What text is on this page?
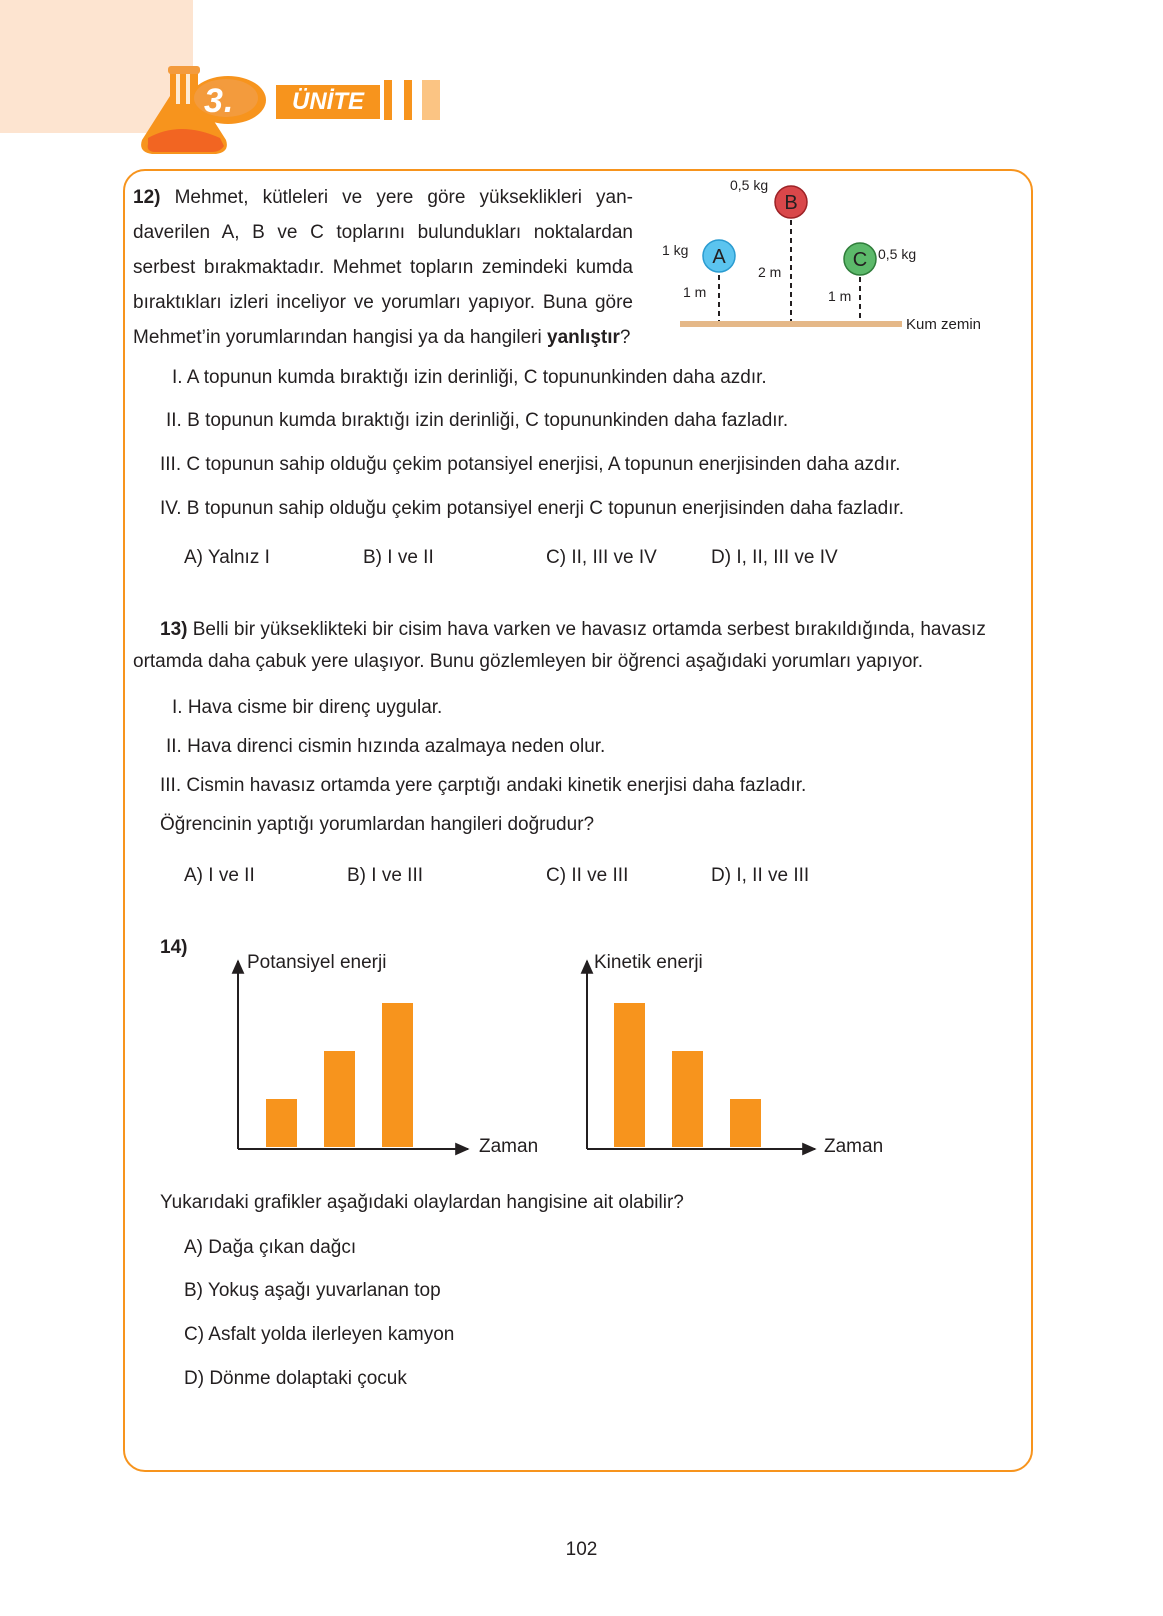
3.	ÜNİTE
12) Mehmet, kütleleri ve yere göre yükseklikleri yan-
daverilen A, B ve C toplarını bulundukları noktalardan
serbest bırakmaktadır. Mehmet topların zemindeki kumda
bıraktıkları izleri inceliyor ve yorumları yapıyor. Buna göre
Mehmet’in yorumlarından hangisi ya da hangileri yanlıştır?
A
B
C
1 kg
0,5 kg
0,5 kg
1 m
2 m
1 m
Kum zemin
I. A topunun kumda bıraktığı izin derinliği, C topununkinden daha azdır.
II. B topunun kumda bıraktığı izin derinliği, C topununkinden daha fazladır.
III. C topunun sahip olduğu çekim potansiyel enerjisi, A topunun enerjisinden daha azdır.
IV. B topunun sahip olduğu çekim potansiyel enerji C topunun enerjisinden daha fazladır.
A) Yalnız I	B) I ve II	C) II, III ve IV	D) I, II, III ve IV
13) Belli bir yükseklikteki bir cisim hava varken ve havasız ortamda serbest bırakıldığında, havasız
ortamda daha çabuk yere ulaşıyor. Bunu gözlemleyen bir öğrenci aşağıdaki yorumları yapıyor.
I. Hava cisme bir direnç uygular.
II. Hava direnci cismin hızında azalmaya neden olur.
III. Cismin havasız ortamda yere çarptığı andaki kinetik enerjisi daha fazladır.
Öğrencinin yaptığı yorumlardan hangileri doğrudur?
A) I ve II	B) I ve III	C) II ve III	D) I, II ve III
14)
Potansiyel enerji
Zaman
Kinetik enerji
Zaman
Yukarıdaki grafikler aşağıdaki olaylardan hangisine ait olabilir?
A) Dağa çıkan dağcı
B) Yokuş aşağı yuvarlanan top
C) Asfalt yolda ilerleyen kamyon
D) Dönme dolaptaki çocuk
102
